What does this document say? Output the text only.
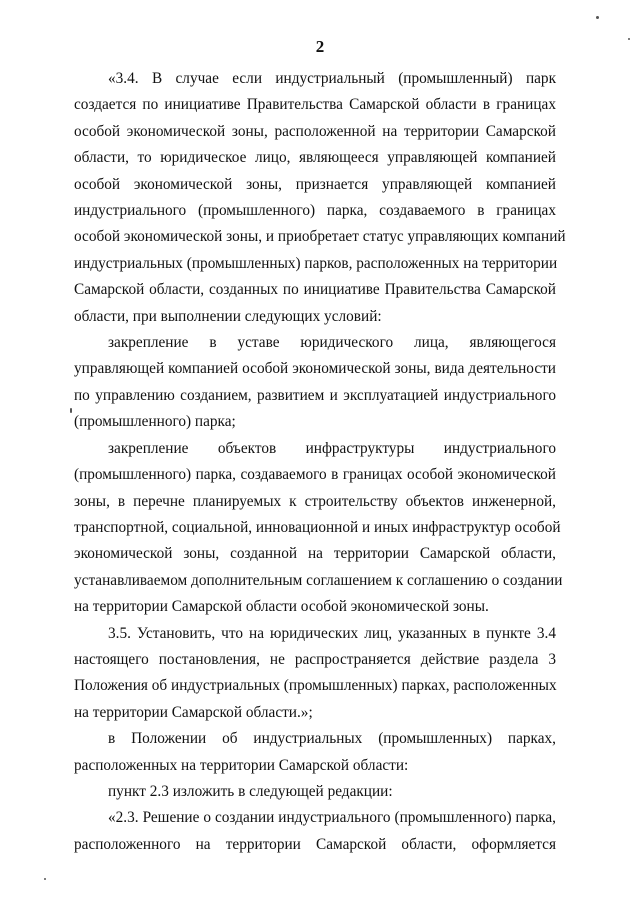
2
«3.4. В случае если индустриальный (промышленный) парк
создается по инициативе Правительства Самарской области в границах
особой экономической зоны, расположенной на территории Самарской
области, то юридическое лицо, являющееся управляющей компанией
особой экономической зоны, признается управляющей компанией
индустриального (промышленного) парка, создаваемого в границах
особой экономической зоны, и приобретает статус управляющих компаний
индустриальных (промышленных) парков, расположенных на территории
Самарской области, созданных по инициативе Правительства Самарской
области, при выполнении следующих условий:
закрепление в уставе юридического лица, являющегося
управляющей компанией особой экономической зоны, вида деятельности
по управлению созданием, развитием и эксплуатацией индустриального
(промышленного) парка;
закрепление объектов инфраструктуры индустриального
(промышленного) парка, создаваемого в границах особой экономической
зоны, в перечне планируемых к строительству объектов инженерной,
транспортной, социальной, инновационной и иных инфраструктур особой
экономической зоны, созданной на территории Самарской области,
устанавливаемом дополнительным соглашением к соглашению о создании
на территории Самарской области особой экономической зоны.
3.5. Установить, что на юридических лиц, указанных в пункте 3.4
настоящего постановления, не распространяется действие раздела 3
Положения об индустриальных (промышленных) парках, расположенных
на территории Самарской области.»;
в Положении об индустриальных (промышленных) парках,
расположенных на территории Самарской области:
пункт 2.3 изложить в следующей редакции:
«2.3. Решение о создании индустриального (промышленного) парка,
расположенного на территории Самарской области, оформляется
